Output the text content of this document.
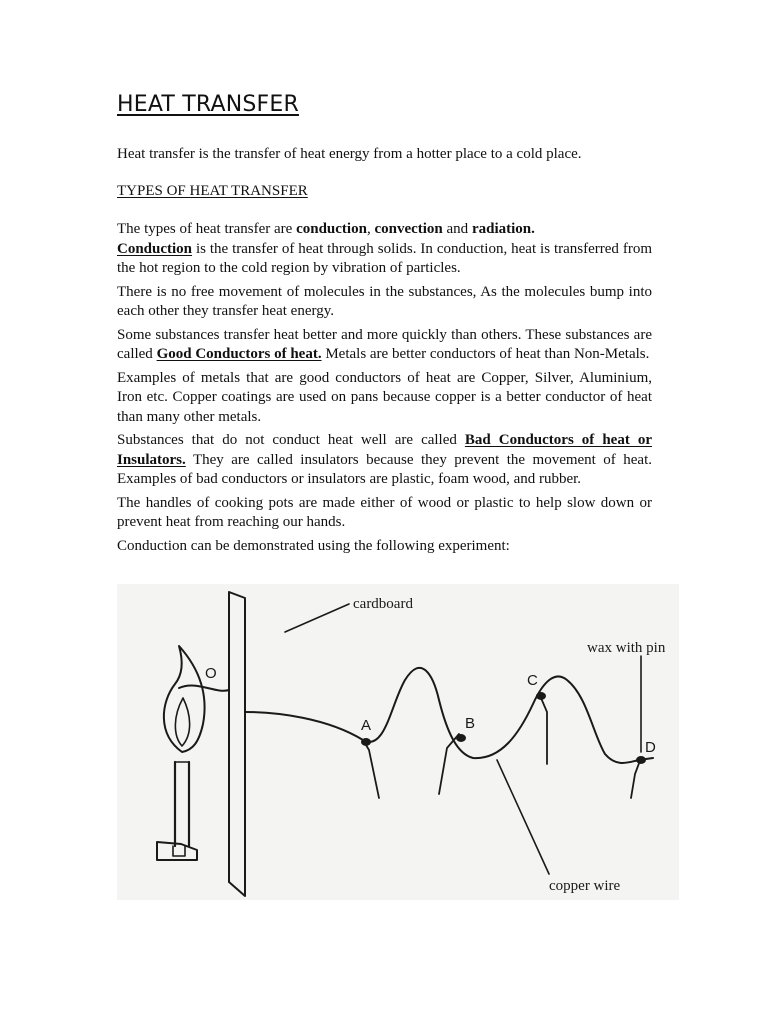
HEAT TRANSFER
Heat transfer is the transfer of heat energy from a hotter place to a cold place.
TYPES OF HEAT TRANSFER

The types of heat transfer are conduction, convection and radiation.

Conduction is the transfer of heat through solids. In conduction, heat is transferred from the hot region to the cold region by vibration of particles.

There is no free movement of molecules in the substances, As the molecules bump into each other they transfer heat energy.

Some substances transfer heat better and more quickly than others. These substances are called Good Conductors of heat. Metals are better conductors of heat than Non-Metals.

Examples of metals that are good conductors of heat are Copper, Silver, Aluminium, Iron etc. Copper coatings are used on pans because copper is a better conductor of heat than many other metals.

Substances that do not conduct heat well are called Bad Conductors of heat or Insulators. They are called insulators because they prevent the movement of heat. Examples of bad conductors or insulators are plastic, foam wood, and rubber.

The handles of cooking pots are made either of wood or plastic to help slow down or prevent heat from reaching our hands.

Conduction can be demonstrated using the following experiment:

O
A	B
C
D
cardboard
wax with pin
copper wire
